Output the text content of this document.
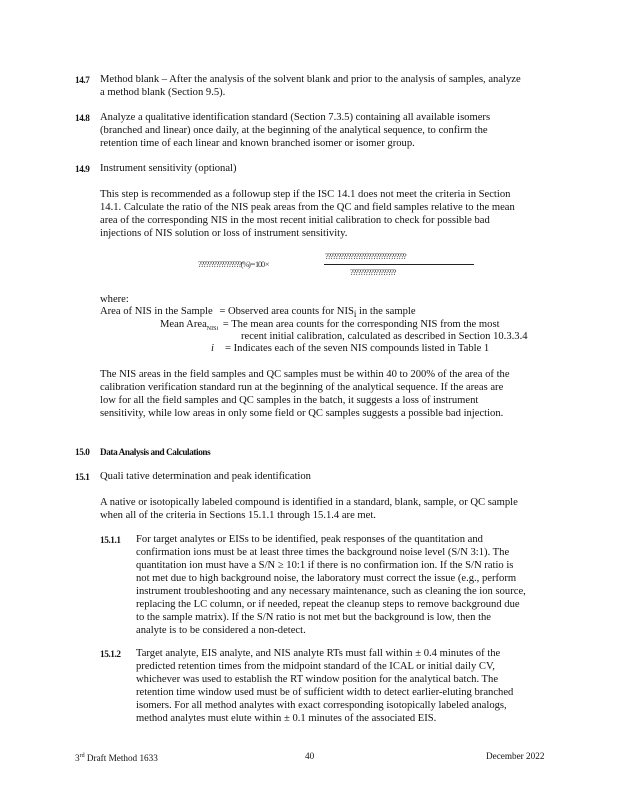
14.7 Method blank – After the analysis of the solvent blank and prior to the analysis of samples, analyze

a method blank (Section 9.5).

14.8 Analyze a qualitative identification standard (Section 7.3.5) containing all available isomers

(branched and linear) once daily, at the beginning of the analytical sequence, to confirm the

retention time of each linear and known branched isomer or isomer group.

14.9 Instrument sensitivity (optional)

This step is recommended as a followup step if the ISC 14.1 does not meet the criteria in Section

14.1. Calculate the ratio of the NIS peak areas from the QC and field samples relative to the mean

area of the corresponding NIS in the most recent initial calibration to check for possible bad

injections of NIS solution or loss of instrument sensitivity.

?????????????????(%) = 100 ×
????????????????????????????????
??????????????????
where:
Area of NIS in the Sample = Observed area counts for $NIS_i$ in the sample
Mean Area$_{NISi}$ = The mean area counts for the corresponding NIS from the most
recent initial calibration, calculated as described in Section 10.3.3.4
i = Indicates each of the seven NIS compounds listed in Table 1

The NIS areas in the field samples and QC samples must be within 40 to 200% of the area of the

calibration verification standard run at the beginning of the analytical sequence. If the areas are

low for all the field samples and QC samples in the batch, it suggests a loss of instrument

sensitivity, while low areas in only some field or QC samples suggests a possible bad injection.

15.0 Data Analysis and Calculations
15.1 Quali tative determination and peak identification

A native or isotopically labeled compound is identified in a standard, blank, sample, or QC sample

when all of the criteria in Sections 15.1.1 through 15.1.4 are met.

15.1.1 For target analytes or EISs to be identified, peak responses of the quantitation and

confirmation ions must be at least three times the background noise level (S/N 3:1). The

quantitation ion must have a S/N ≥ 10:1 if there is no confirmation ion. If the S/N ratio is

not met due to high background noise, the laboratory must correct the issue (e.g., perform

instrument troubleshooting and any necessary maintenance, such as cleaning the ion source,

replacing the LC column, or if needed, repeat the cleanup steps to remove background due

to the sample matrix). If the S/N ratio is not met but the background is low, then the

analyte is to be considered a non-detect.

15.1.2 Target analyte, EIS analyte, and NIS analyte RTs must fall within ± 0.4 minutes of the

predicted retention times from the midpoint standard of the ICAL or initial daily CV,

whichever was used to establish the RT window position for the analytical batch. The

retention time window used must be of sufficient width to detect earlier-eluting branched

isomers. For all method analytes with exact corresponding isotopically labeled analogs,

method analytes must elute within ± 0.1 minutes of the associated EIS.

3rd Draft Method 1633	40	December 2022
